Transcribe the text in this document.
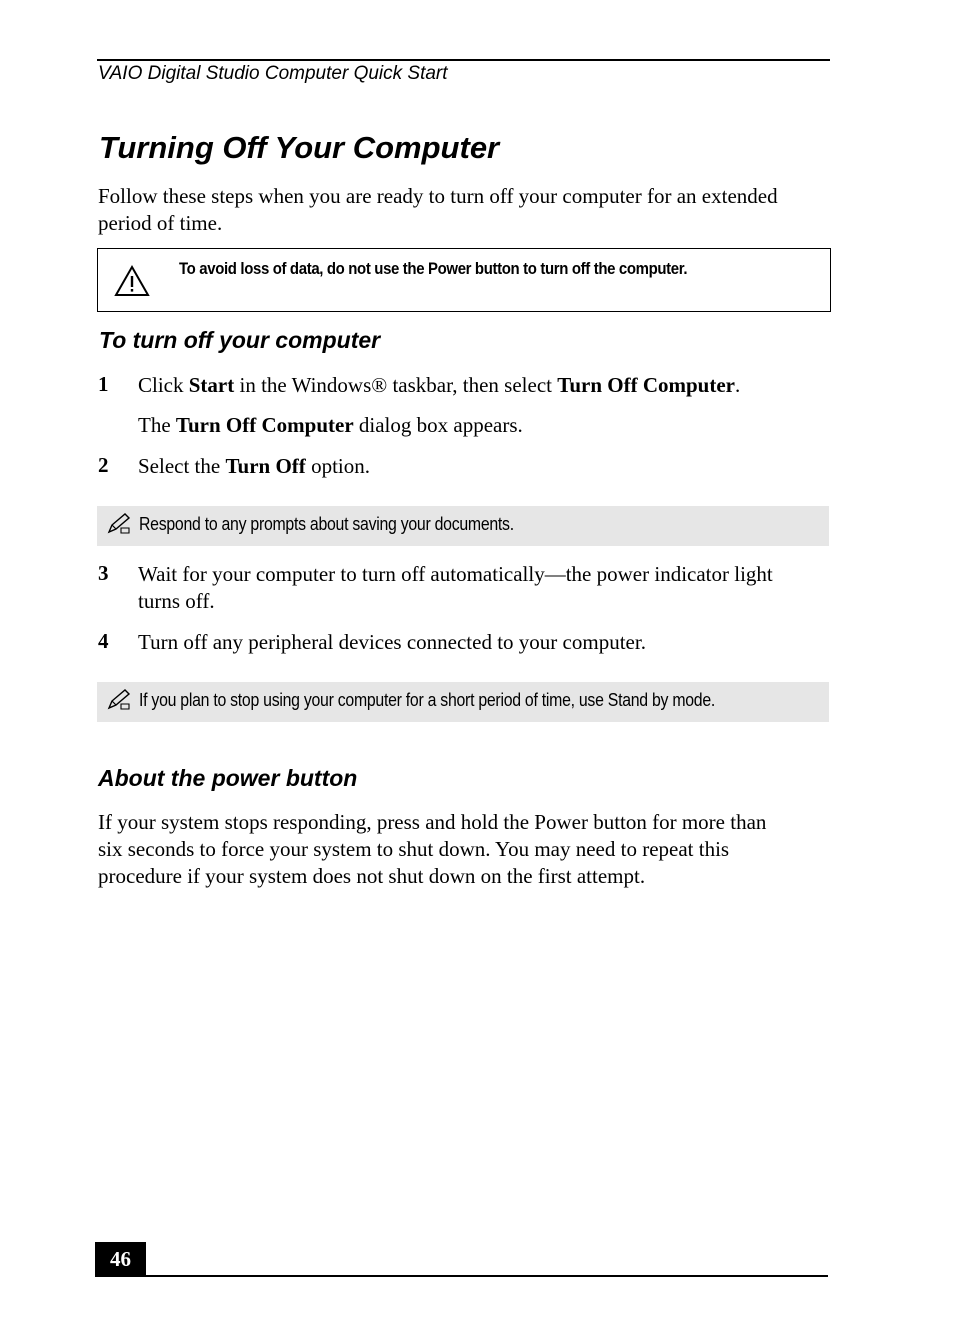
VAIO Digital Studio Computer Quick Start
Turning Off Your Computer
Follow these steps when you are ready to turn off your computer for an extended
period of time.
To avoid loss of data, do not use the Power button to turn off the computer.
To turn off your computer
1 Click Start in the Windows® taskbar, then select Turn Off Computer.
The Turn Off Computer dialog box appears.
2 Select the Turn Off option.
Respond to any prompts about saving your documents.
3 Wait for your computer to turn off automatically—the power indicator light
turns off.
4 Turn off any peripheral devices connected to your computer.
If you plan to stop using your computer for a short period of time, use Stand by mode.
About the power button
If your system stops responding, press and hold the Power button for more than
six seconds to force your system to shut down. You may need to repeat this
procedure if your system does not shut down on the first attempt.
46
